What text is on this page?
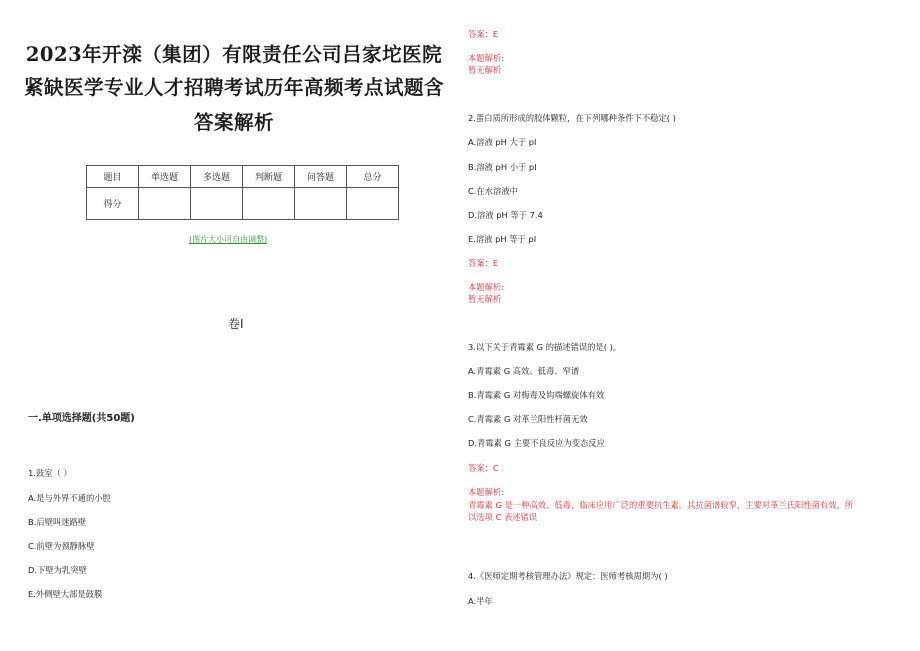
2023年开滦（集团）有限责任公司吕家坨医院
紧缺医学专业人才招聘考试历年高频考点试题含
答案解析
题目	单选题	多选题	判断题	问答题	总分
得分					
(图片大小可自由调整)
卷Ⅰ
一.单项选择题(共50题)
1.鼓室（ ）
A.是与外界不通的小腔
B.后壁叫迷路壁
C.前壁为颈静脉壁
D.下壁为乳突壁
E.外侧壁大部是鼓膜
答案：E
本题解析:
暂无解析
2.蛋白质所形成的胶体颗粒，在下列哪种条件下不稳定( )
A.溶液 pH 大于 pI
B.溶液 pH 小于 pI
C.在水溶液中
D.溶液 pH 等于 7.4
E.溶液 pH 等于 pI
答案：E
本题解析:
暂无解析
3.以下关于青霉素 G 的描述错误的是( )。
A.青霉素 G 高效、低毒、窄谱
B.青霉素 G 对梅毒及钩端螺旋体有效
C.青霉素 G 对革兰阳性杆菌无效
D.青霉素 G 主要不良反应为变态反应
答案：C
本题解析:
青霉素 G 是一种高效、低毒，临床应用广泛的重要抗生素。其抗菌谱较窄，主要对革兰氏阳性菌有效。所
以选项 C 表述错误
4.《医师定期考核管理办法》规定：医师考核周期为( )
A.半年
